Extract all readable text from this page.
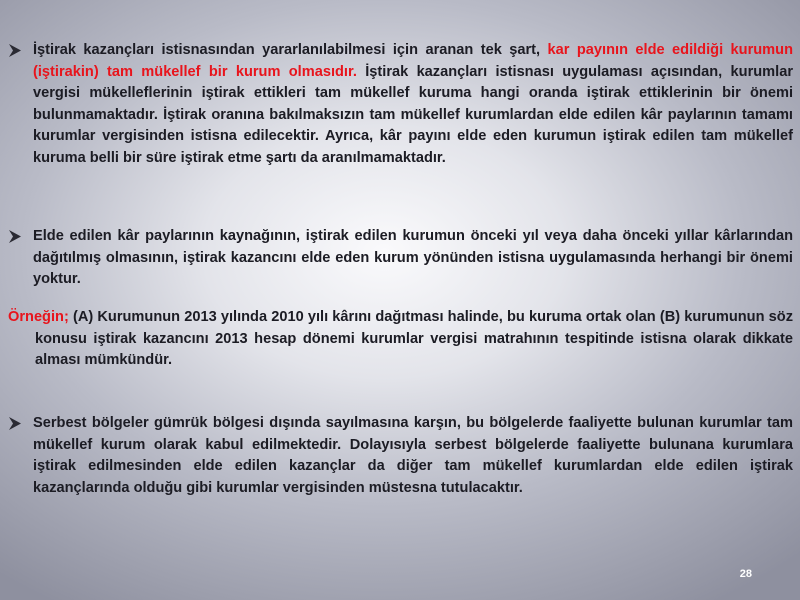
İştirak kazançları istisnasından yararlanılabilmesi için aranan tek şart, kar payının elde edildiği kurumun (iştirakin) tam mükellef bir kurum olmasıdır. İştirak kazançları istisnası uygulaması açısından, kurumlar vergisi mükelleflerinin iştirak ettikleri tam mükellef kuruma hangi oranda iştirak ettiklerinin bir önemi bulunmamaktadır. İştirak oranına bakılmaksızın tam mükellef kurumlardan elde edilen kâr paylarının tamamı kurumlar vergisinden istisna edilecektir. Ayrıca, kâr payını elde eden kurumun iştirak edilen tam mükellef kuruma belli bir süre iştirak etme şartı da aranılmamaktadır.

Elde edilen kâr paylarının kaynağının, iştirak edilen kurumun önceki yıl veya daha önceki yıllar kârlarından dağıtılmış olmasının, iştirak kazancını elde eden kurum yönünden istisna uygulamasında herhangi bir önemi yoktur.

Örneğin; (A) Kurumunun 2013 yılında 2010 yılı kârını dağıtması halinde, bu kuruma ortak olan (B) kurumunun söz konusu iştirak kazancını 2013 hesap dönemi kurumlar vergisi matrahının tespitinde istisna olarak dikkate alması mümkündür.

Serbest bölgeler gümrük bölgesi dışında sayılmasına karşın, bu bölgelerde faaliyette bulunan kurumlar tam mükellef kurum olarak kabul edilmektedir. Dolayısıyla serbest bölgelerde faaliyette bulunana kurumlara iştirak edilmesinden elde edilen kazançlar da diğer tam mükellef kurumlardan elde edilen iştirak kazançlarında olduğu gibi kurumlar vergisinden müstesna tutulacaktır.

28
